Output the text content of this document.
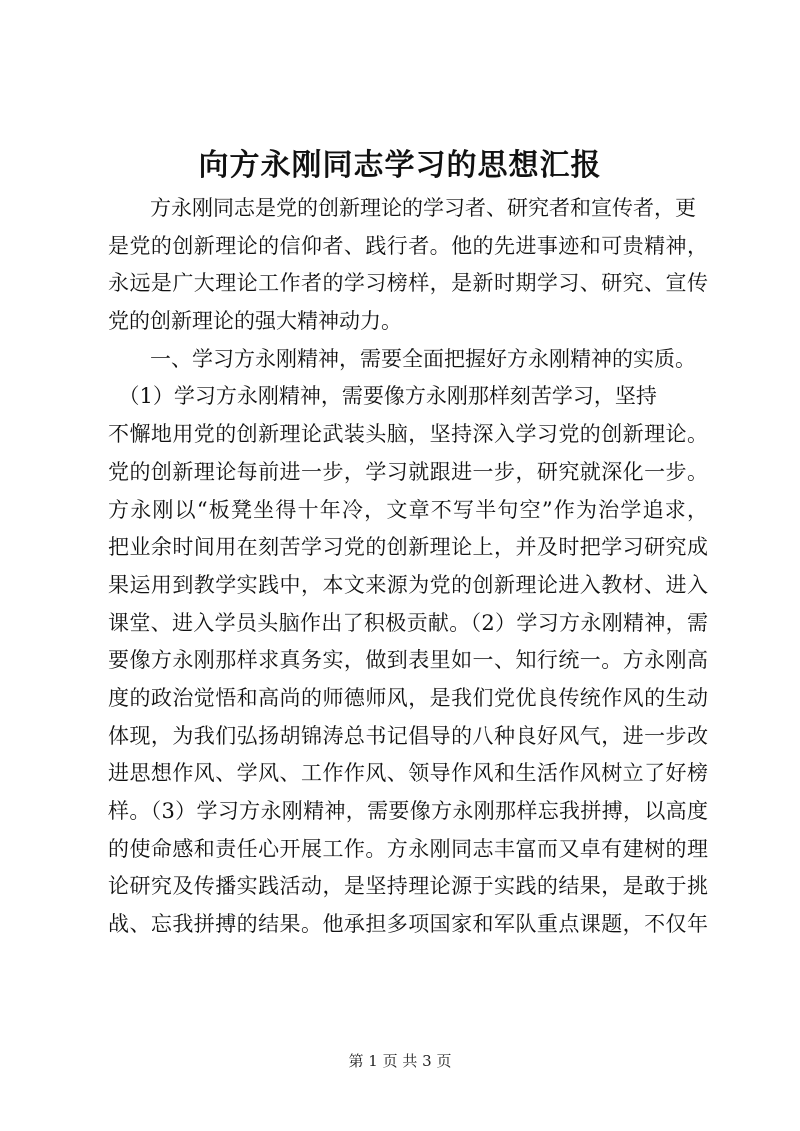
向方永刚同志学习的思想汇报

　　方永刚同志是党的创新理论的学习者、研究者和宣传者，更

是党的创新理论的信仰者、践行者。他的先进事迹和可贵精神，

永远是广大理论工作者的学习榜样，是新时期学习、研究、宣传

党的创新理论的强大精神动力。

　　一、学习方永刚精神，需要全面把握好方永刚精神的实质。

　（1）学习方永刚精神，需要像方永刚那样刻苦学习，坚持

不懈地用党的创新理论武装头脑，坚持深入学习党的创新理论。

党的创新理论每前进一步，学习就跟进一步，研究就深化一步。

方永刚以“板凳坐得十年冷，文章不写半句空”作为治学追求，

把业余时间用在刻苦学习党的创新理论上，并及时把学习研究成

果运用到教学实践中，本文来源为党的创新理论进入教材、进入

课堂、进入学员头脑作出了积极贡献。（2）学习方永刚精神，需

要像方永刚那样求真务实，做到表里如一、知行统一。方永刚高

度的政治觉悟和高尚的师德师风，是我们党优良传统作风的生动

体现，为我们弘扬胡锦涛总书记倡导的八种良好风气，进一步改

进思想作风、学风、工作作风、领导作风和生活作风树立了好榜

样。（3）学习方永刚精神，需要像方永刚那样忘我拼搏，以高度

的使命感和责任心开展工作。方永刚同志丰富而又卓有建树的理

论研究及传播实践活动，是坚持理论源于实践的结果，是敢于挑

战、忘我拼搏的结果。他承担多项国家和军队重点课题，不仅年

第 1 页 共 3 页
